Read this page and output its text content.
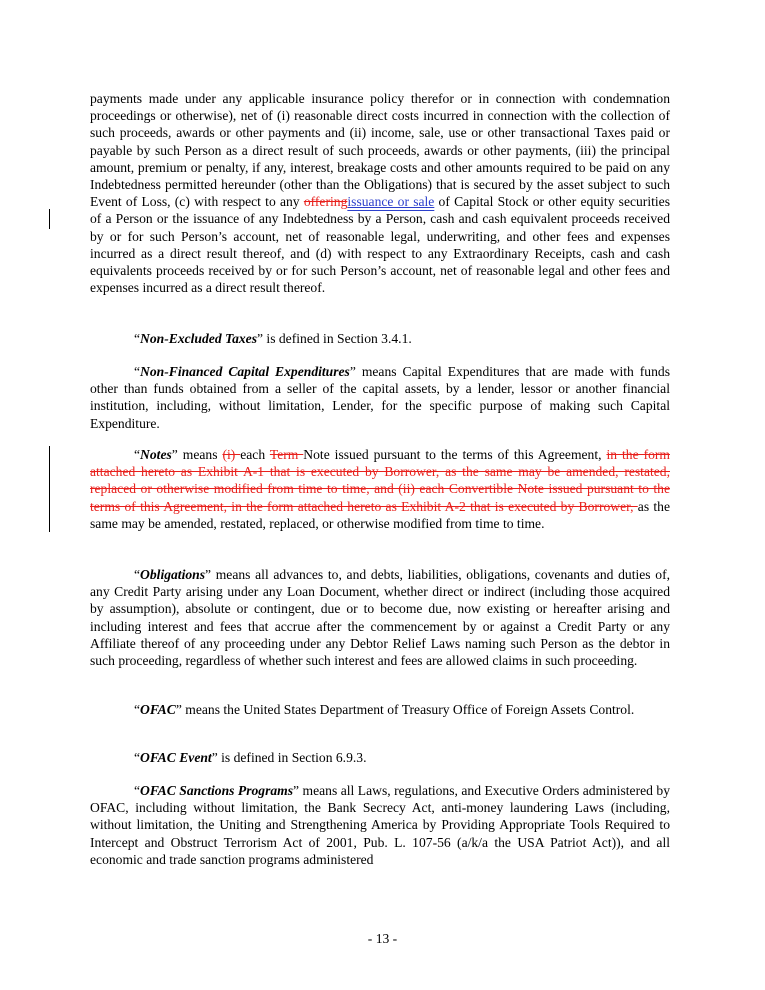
payments made under any applicable insurance policy therefor or in connection with condemnation proceedings or otherwise), net of (i) reasonable direct costs incurred in connection with the collection of such proceeds, awards or other payments and (ii) income, sale, use or other transactional Taxes paid or payable by such Person as a direct result of such proceeds, awards or other payments, (iii) the principal amount, premium or penalty, if any, interest, breakage costs and other amounts required to be paid on any Indebtedness permitted hereunder (other than the Obligations) that is secured by the asset subject to such Event of Loss, (c) with respect to any offeringissuance or sale of Capital Stock or other equity securities of a Person or the issuance of any Indebtedness by a Person, cash and cash equivalent proceeds received by or for such Person’s account, net of reasonable legal, underwriting, and other fees and expenses incurred as a direct result thereof, and (d) with respect to any Extraordinary Receipts, cash and cash equivalents proceeds received by or for such Person’s account, net of reasonable legal and other fees and expenses incurred as a direct result thereof.

“Non-Excluded Taxes” is defined in Section 3.4.1.

“Non-Financed Capital Expenditures” means Capital Expenditures that are made with funds other than funds obtained from a seller of the capital assets, by a lender, lessor or another financial institution, including, without limitation, Lender, for the specific purpose of making such Capital Expenditure.

“Notes” means (i) each Term Note issued pursuant to the terms of this Agreement, in the form attached hereto as Exhibit A-1 that is executed by Borrower, as the same may be amended, restated, replaced or otherwise modified from time to time, and (ii) each Convertible Note issued pursuant to the terms of this Agreement, in the form attached hereto as Exhibit A-2 that is executed by Borrower, as the same may be amended, restated, replaced, or otherwise modified from time to time.

“Obligations” means all advances to, and debts, liabilities, obligations, covenants and duties of, any Credit Party arising under any Loan Document, whether direct or indirect (including those acquired by assumption), absolute or contingent, due or to become due, now existing or hereafter arising and including interest and fees that accrue after the commencement by or against a Credit Party or any Affiliate thereof of any proceeding under any Debtor Relief Laws naming such Person as the debtor in such proceeding, regardless of whether such interest and fees are allowed claims in such proceeding.

“OFAC” means the United States Department of Treasury Office of Foreign Assets Control.

“OFAC Event” is defined in Section 6.9.3.

“OFAC Sanctions Programs” means all Laws, regulations, and Executive Orders administered by OFAC, including without limitation, the Bank Secrecy Act, anti-money laundering Laws (including, without limitation, the Uniting and Strengthening America by Providing Appropriate Tools Required to Intercept and Obstruct Terrorism Act of 2001, Pub. L. 107-56 (a/k/a the USA Patriot Act)), and all economic and trade sanction programs administered

- 13 -
